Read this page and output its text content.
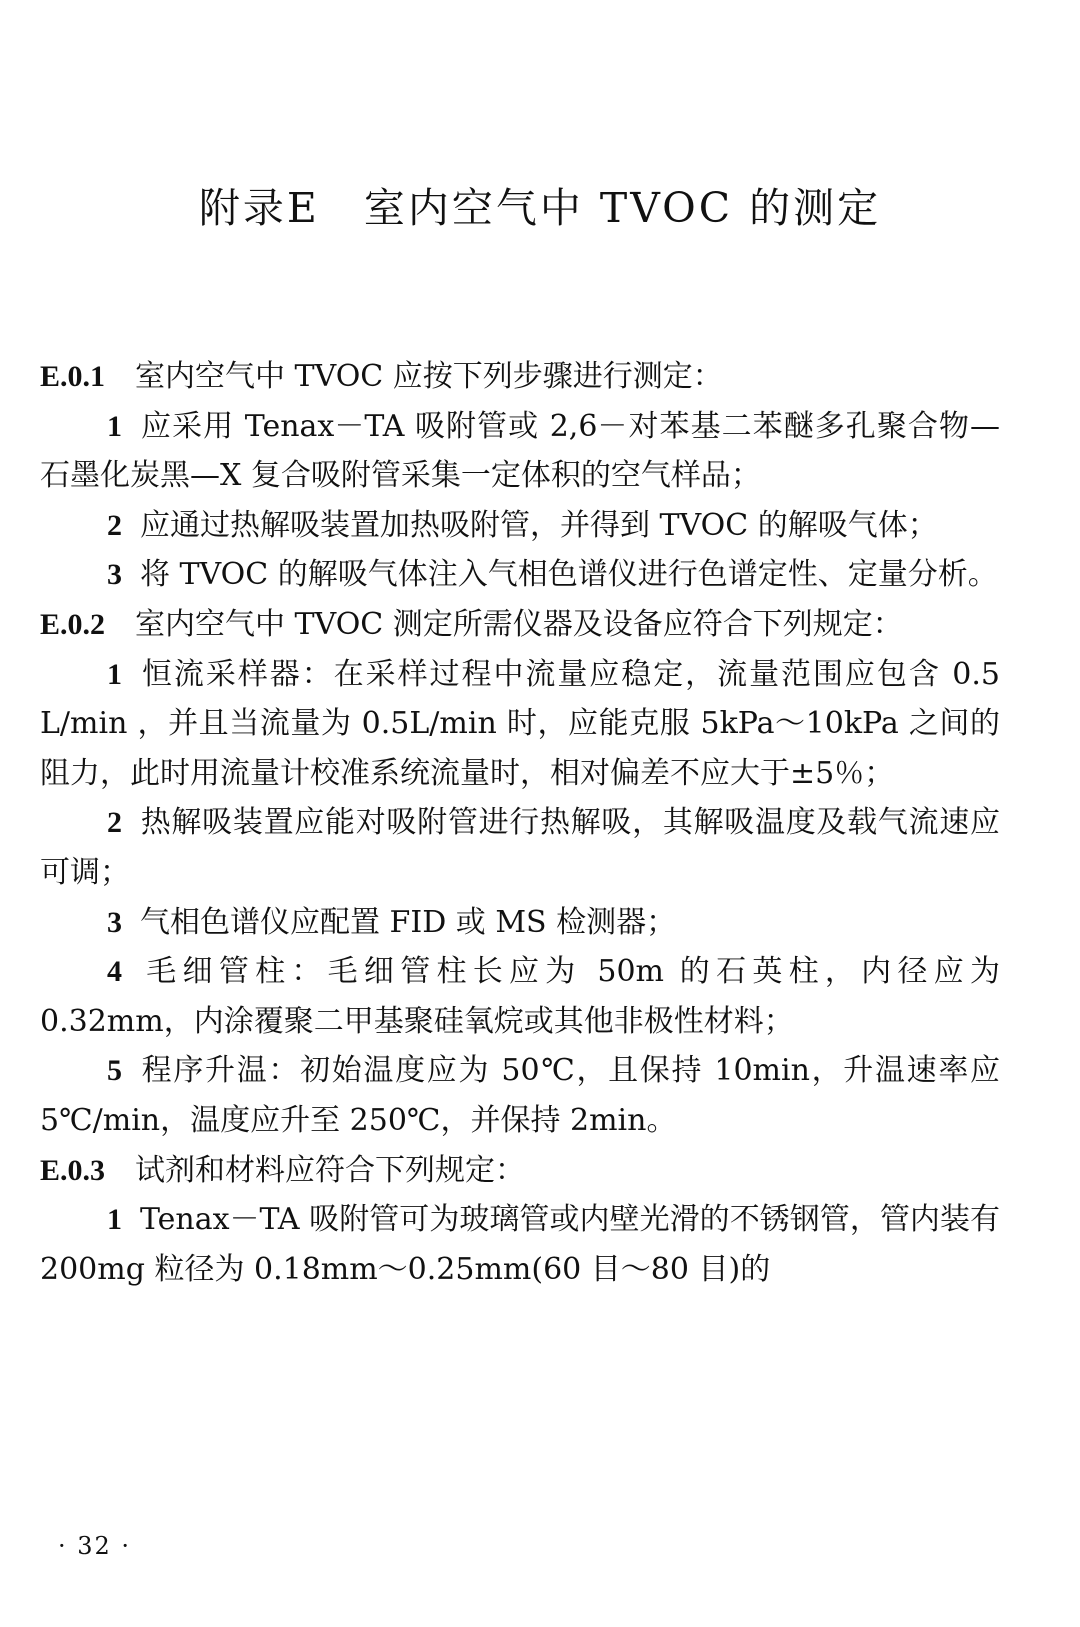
附录E　室内空气中 TVOC 的测定

E.0.1 室内空气中 TVOC 应按下列步骤进行测定：

1 应采用 Tenax－TA 吸附管或 2,6－对苯基二苯醚多孔聚合物—石墨化炭黑—X 复合吸附管采集一定体积的空气样品；

2 应通过热解吸装置加热吸附管，并得到 TVOC 的解吸气体；

3 将 TVOC 的解吸气体注入气相色谱仪进行色谱定性、定量分析。

E.0.2 室内空气中 TVOC 测定所需仪器及设备应符合下列规定：

1 恒流采样器：在采样过程中流量应稳定，流量范围应包含 0.5 L/min ，并且当流量为 0.5L/min 时，应能克服 5kPa～10kPa 之间的阻力，此时用流量计校准系统流量时，相对偏差不应大于±5％；

2 热解吸装置应能对吸附管进行热解吸，其解吸温度及载气流速应可调；

3 气相色谱仪应配置 FID 或 MS 检测器；

4 毛细管柱：毛细管柱长应为 50m 的石英柱，内径应为 0.32mm，内涂覆聚二甲基聚硅氧烷或其他非极性材料；

5 程序升温：初始温度应为 50℃，且保持 10min，升温速率应 5℃/min，温度应升至 250℃，并保持 2min。

E.0.3 试剂和材料应符合下列规定：

1 Tenax－TA 吸附管可为玻璃管或内壁光滑的不锈钢管，管内装有 200mg 粒径为 0.18mm～0.25mm(60 目～80 目)的

· 32 ·
